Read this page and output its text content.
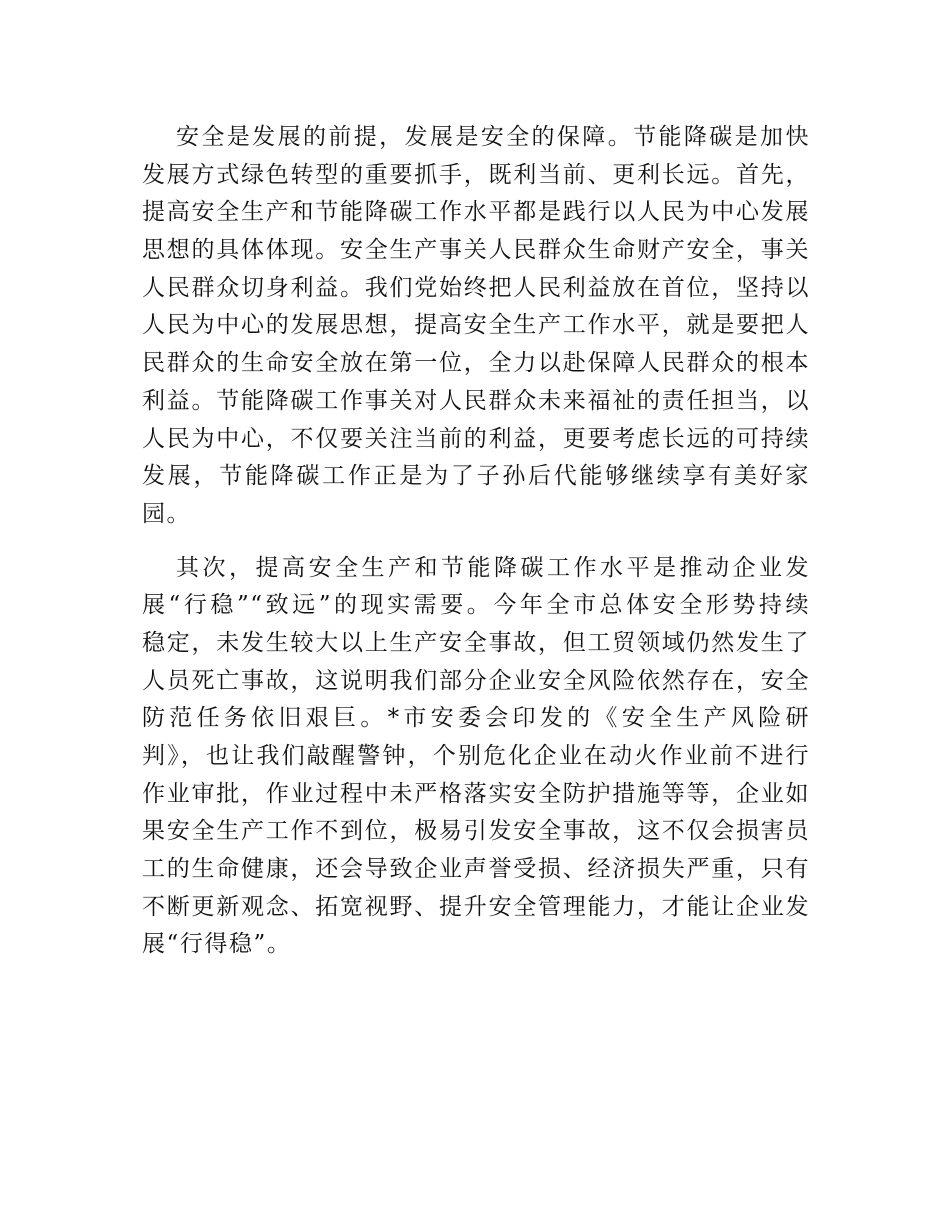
安全是发展的前提，发展是安全的保障。节能降碳是加快
发展方式绿色转型的重要抓手，既利当前、更利长远。首先，
提高安全生产和节能降碳工作水平都是践行以人民为中心发展
思想的具体体现。安全生产事关人民群众生命财产安全，事关
人民群众切身利益。我们党始终把人民利益放在首位，坚持以
人民为中心的发展思想，提高安全生产工作水平，就是要把人
民群众的生命安全放在第一位，全力以赴保障人民群众的根本
利益。节能降碳工作事关对人民群众未来福祉的责任担当，以
人民为中心，不仅要关注当前的利益，更要考虑长远的可持续
发展，节能降碳工作正是为了子孙后代能够继续享有美好家
园。
其次，提高安全生产和节能降碳工作水平是推动企业发
展“行稳”“致远”的现实需要。今年全市总体安全形势持续
稳定，未发生较大以上生产安全事故，但工贸领域仍然发生了
人员死亡事故，这说明我们部分企业安全风险依然存在，安全
防范任务依旧艰巨。*市安委会印发的《安全生产风险研
判》，也让我们敲醒警钟，个别危化企业在动火作业前不进行
作业审批，作业过程中未严格落实安全防护措施等等，企业如
果安全生产工作不到位，极易引发安全事故，这不仅会损害员
工的生命健康，还会导致企业声誉受损、经济损失严重，只有
不断更新观念、拓宽视野、提升安全管理能力，才能让企业发
展“行得稳”。
